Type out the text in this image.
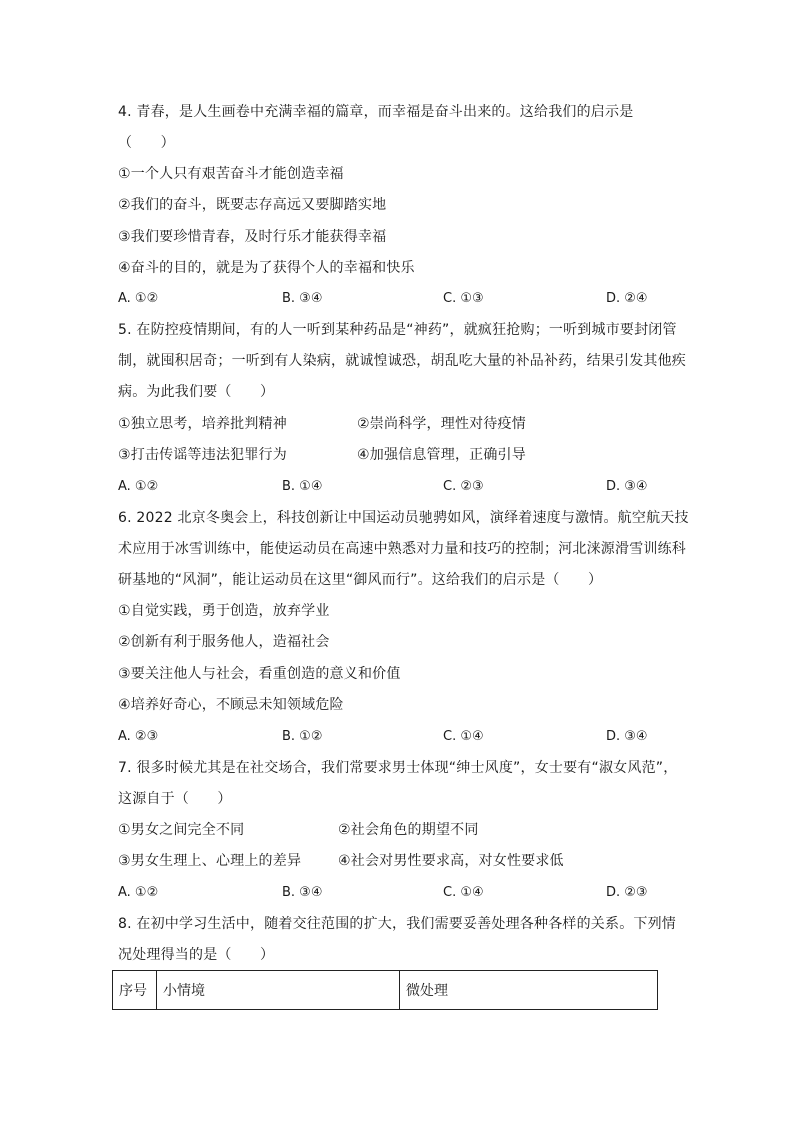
4. 青春，是人生画卷中充满幸福的篇章，而幸福是奋斗出来的。这给我们的启示是
（　　）
①一个人只有艰苦奋斗才能创造幸福
②我们的奋斗，既要志存高远又要脚踏实地
③我们要珍惜青春，及时行乐才能获得幸福
④奋斗的目的，就是为了获得个人的幸福和快乐
A. ①②	B. ③④	C. ①③	D. ②④
5. 在防控疫情期间，有的人一听到某种药品是“神药”，就疯狂抢购；一听到城市要封闭管
制，就囤积居奇；一听到有人染病，就诚惶诚恐，胡乱吃大量的补品补药，结果引发其他疾
病。为此我们要（　　）
①独立思考，培养批判精神	②崇尚科学，理性对待疫情
③打击传谣等违法犯罪行为	④加强信息管理，正确引导
A. ①②	B. ①④	C. ②③	D. ③④
6. 2022 北京冬奥会上，科技创新让中国运动员驰骋如风，演绎着速度与激情。航空航天技
术应用于冰雪训练中，能使运动员在高速中熟悉对力量和技巧的控制；河北涞源滑雪训练科
研基地的“风洞”，能让运动员在这里“御风而行”。这给我们的启示是（　　）
①自觉实践，勇于创造，放弃学业
②创新有利于服务他人，造福社会
③要关注他人与社会，看重创造的意义和价值
④培养好奇心，不顾忌未知领域危险
A. ②③	B. ①②	C. ①④	D. ③④
7. 很多时候尤其是在社交场合，我们常要求男士体现“绅士风度”，女士要有“淑女风范”，
这源自于（　　）
①男女之间完全不同	②社会角色的期望不同
③男女生理上、心理上的差异	④社会对男性要求高，对女性要求低
A. ①②	B. ③④	C. ①④	D. ②③
8. 在初中学习生活中，随着交往范围的扩大，我们需要妥善处理各种各样的关系。下列情
况处理得当的是（　　）
序号	小情境	微处理
